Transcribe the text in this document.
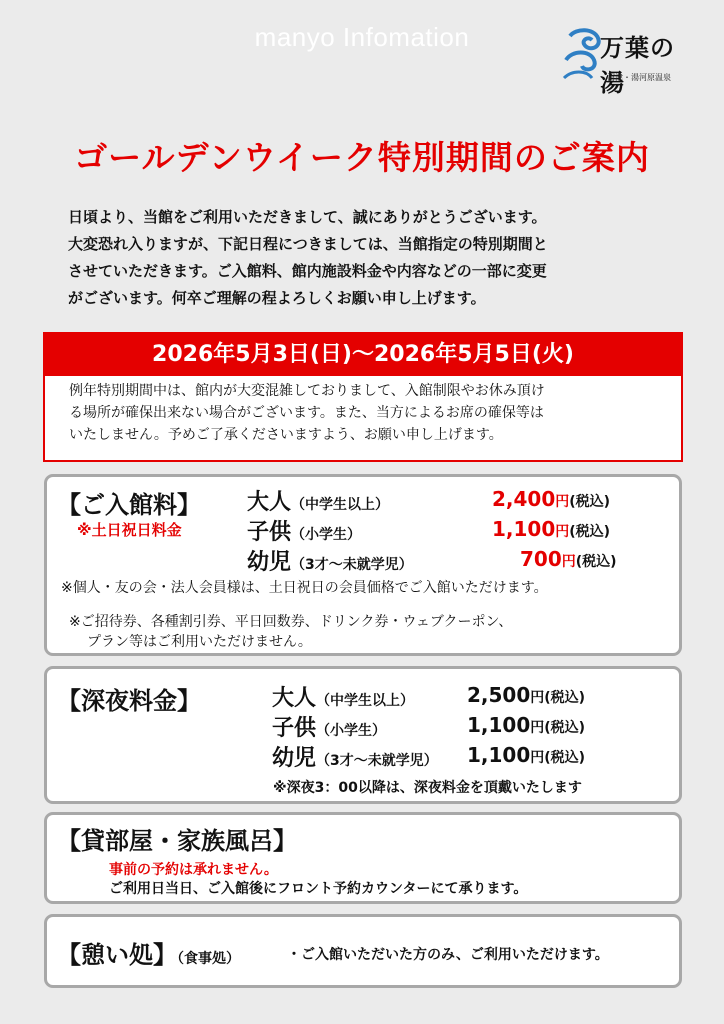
manyo Infomation	万葉の湯
沼津・湯河原温泉
ゴールデンウイーク特別期間のご案内

日頃より、当館をご利用いただきまして、誠にありがとうございます。

大変恐れ入りますが、下記日程につきましては、当館指定の特別期間と

させていただきます。ご入館料、館内施設料金や内容などの一部に変更

がございます。何卒ご理解の程よろしくお願い申し上げます。

2026年5月3日(日)～2026年5月5日(火)

例年特別期間中は、館内が大変混雑しておりまして、入館制限やお休み頂け

る場所が確保出来ない場合がございます。また、当方によるお席の確保等は

いたしません。予めご了承くださいますよう、お願い申し上げます。

【ご入館料】
※土日祝日料金
大人（中学生以上）	2,400円(税込)
子供（小学生）	1,100円(税込)
幼児（3才～未就学児）	700円(税込)
※個人・友の会・法人会員様は、土日祝日の会員価格でご入館いただけます。
※ご招待券、各種割引券、平日回数券、ドリンク券・ウェブクーポン、
プラン等はご利用いただけません。
【深夜料金】	大人（中学生以上）	2,500円(税込)
子供（小学生）	1,100円(税込)
幼児（3才～未就学児） 1,100円(税込)
※深夜3：00以降は、深夜料金を頂戴いたします
【貸部屋・家族風呂】
事前の予約は承れません。
ご利用日当日、ご入館後にフロント予約カウンターにて承ります。
【憩い処】（食事処）	・ご入館いただいた方のみ、ご利用いただけます。
